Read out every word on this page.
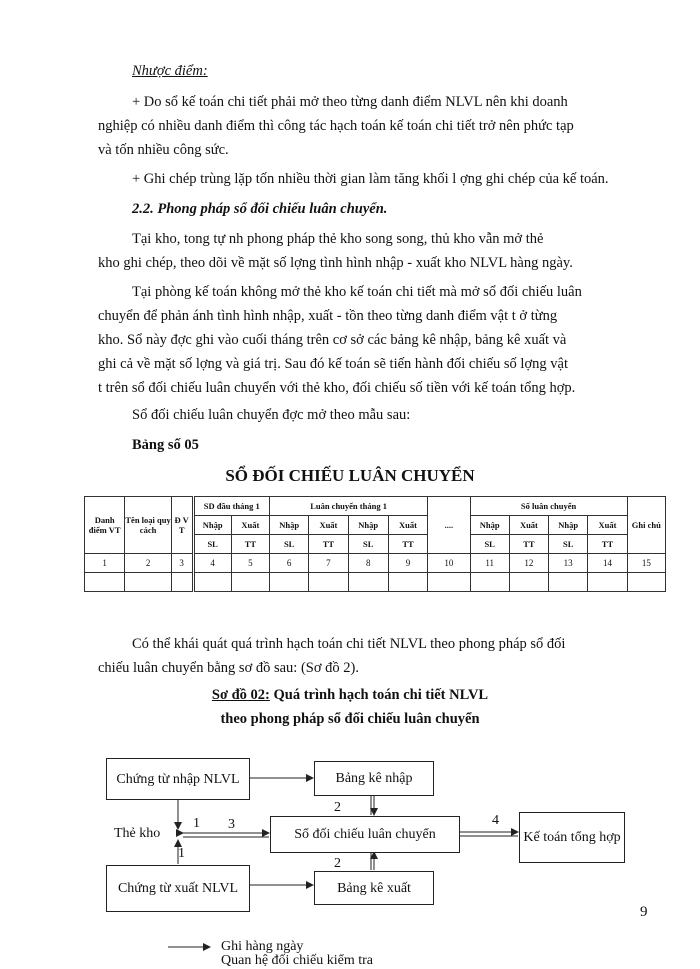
Nhược điểm:
+ Do sổ kế toán chi tiết phải mở theo từng danh điểm NLVL nên khi doanh
nghiệp có nhiều danh điểm thì công tác hạch toán kế toán chi tiết trở nên phức tạp
và tốn nhiều công sức.
+ Ghi chép trùng lặp tốn nhiều thời gian làm tăng khối l ợng ghi chép của kế toán.
2.2. Phong pháp sổ đối chiếu luân chuyển.
Tại kho, tong tự nh phong pháp thẻ kho song song, thủ kho vẫn mở thẻ
kho ghi chép, theo dõi về mặt số lợng tình hình nhập - xuất kho NLVL hàng ngày.
Tại phòng kế toán không mở thẻ kho kế toán chi tiết mà mở sổ đối chiếu luân
chuyển để phản ánh tình hình nhập, xuất - tồn theo từng danh điểm vật t ở từng
kho. Sổ này đợc ghi vào cuối tháng trên cơ sở các bảng kê nhập, bảng kê xuất và
ghi cả về mặt số lợng và giá trị. Sau đó kế toán sẽ tiến hành đối chiếu số lợng vật
t trên sổ đối chiếu luân chuyển với thẻ kho, đối chiếu số tiền với kế toán tổng hợp.
Sổ đối chiếu luân chuyển đợc mở theo mẫu sau:
Bảng số 05
SỔ ĐỐI CHIẾU LUÂN CHUYỂN
Danh điểm VT	Tên loại quy cách	Đ V T	SD đầu tháng 1		Luân chuyển tháng 1				....	Số luân chuyển				Ghi chú
			Nhập	Xuất	Nhập	Xuất	Nhập	Xuất		Nhập	Xuất	Nhập	Xuất	
			SL	TT	SL	TT	SL	TT		SL	TT	SL	TT	
1	2	3	4	5	6	7	8	9	10	11	12	13	14	15

Có thể khái quát quá trình hạch toán chi tiết NLVL theo phong pháp sổ đối
chiếu luân chuyển bằng sơ đồ sau: (Sơ đồ 2).
Sơ đồ 02: Quá trình hạch toán chi tiết NLVL
theo phong pháp sổ đối chiếu luân chuyển
Chứng từ nhập NLVL	Bảng kê nhập
Thẻ kho	Sổ đối chiếu luân chuyển	Kế toán tổng hợp
Chứng từ xuất NLVL	Bảng kê xuất
1
1
2
2
3	4
9
Ghi hàng ngày
Quan hệ đối chiếu kiểm tra
